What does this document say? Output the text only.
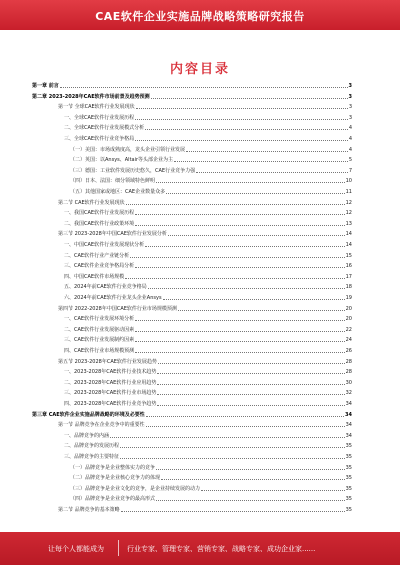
CAE软件企业实施品牌战略策略研究报告
内容目录
第一章 前言	3
第二章 2023-2028年CAE软件市场前景及趋势预测	3
第一节 全球CAE软件行业发展现状	3
一、全球CAE软件行业发展历程	3
二、全球CAE软件行业发展模式分析	4
三、全球CAE软件行业竞争格局	4
（一）美国：市场成熟度高，龙头企业引领行业发展	4
（二）英国：以Ansys、Altair等头部企业为主	5
（三）德国：工业软件发展历史悠久，CAE行业竞争力强	7
（四）日本、法国：细分领域特色鲜明	10
（五）其他国家或地区：CAE企业数量众多	11
第二节 CAE软件行业发展现状	12
一、我国CAE软件行业发展历程	12
二、我国CAE软件行业政策环境	13
第三节 2023-2028年中国CAE软件行业发展分析	14
一、中国CAE软件行业发展现状分析	14
二、CAE软件行业产业链分析	15
三、CAE软件企业竞争格局分析	16
四、中国CAE软件市场规模	17
五、2024年前CAE软件行业竞争格局	18
六、2024年前CAE软件行业龙头企业Ansys	19
第四节 2022-2028年中国CAE软件行业市场规模预测	20
一、CAE软件行业发展环境分析	20
二、CAE软件行业发展驱动因素	22
三、CAE软件行业发展制约因素	24
四、CAE软件行业市场规模预测	26
第五节 2023-2028年CAE软件行业发展趋势	28
一、2023-2028年CAE软件行业技术趋势	28
二、2023-2028年CAE软件行业应用趋势	30
三、2023-2028年CAE软件行业市场趋势	32
四、2023-2028年CAE软件行业竞争趋势	34
第三章 CAE软件企业实施品牌战略的环境及必要性	34
第一节 品牌竞争在企业竞争中的重要性	34
一、品牌竞争的内涵	34
二、品牌竞争的发展历程	35
三、品牌竞争的主要特征	35
（一）品牌竞争是企业整体实力的竞争	35
（二）品牌竞争是企业核心竞争力的体现	35
（三）品牌竞争是企业文化的竞争，是企业持续发展的动力	35
（四）品牌竞争是企业竞争的最高形式	35
第二节 品牌竞争的基本策略	35
让每个人都能成为	行业专家、管理专家、营销专家、战略专家、成功企业家......
